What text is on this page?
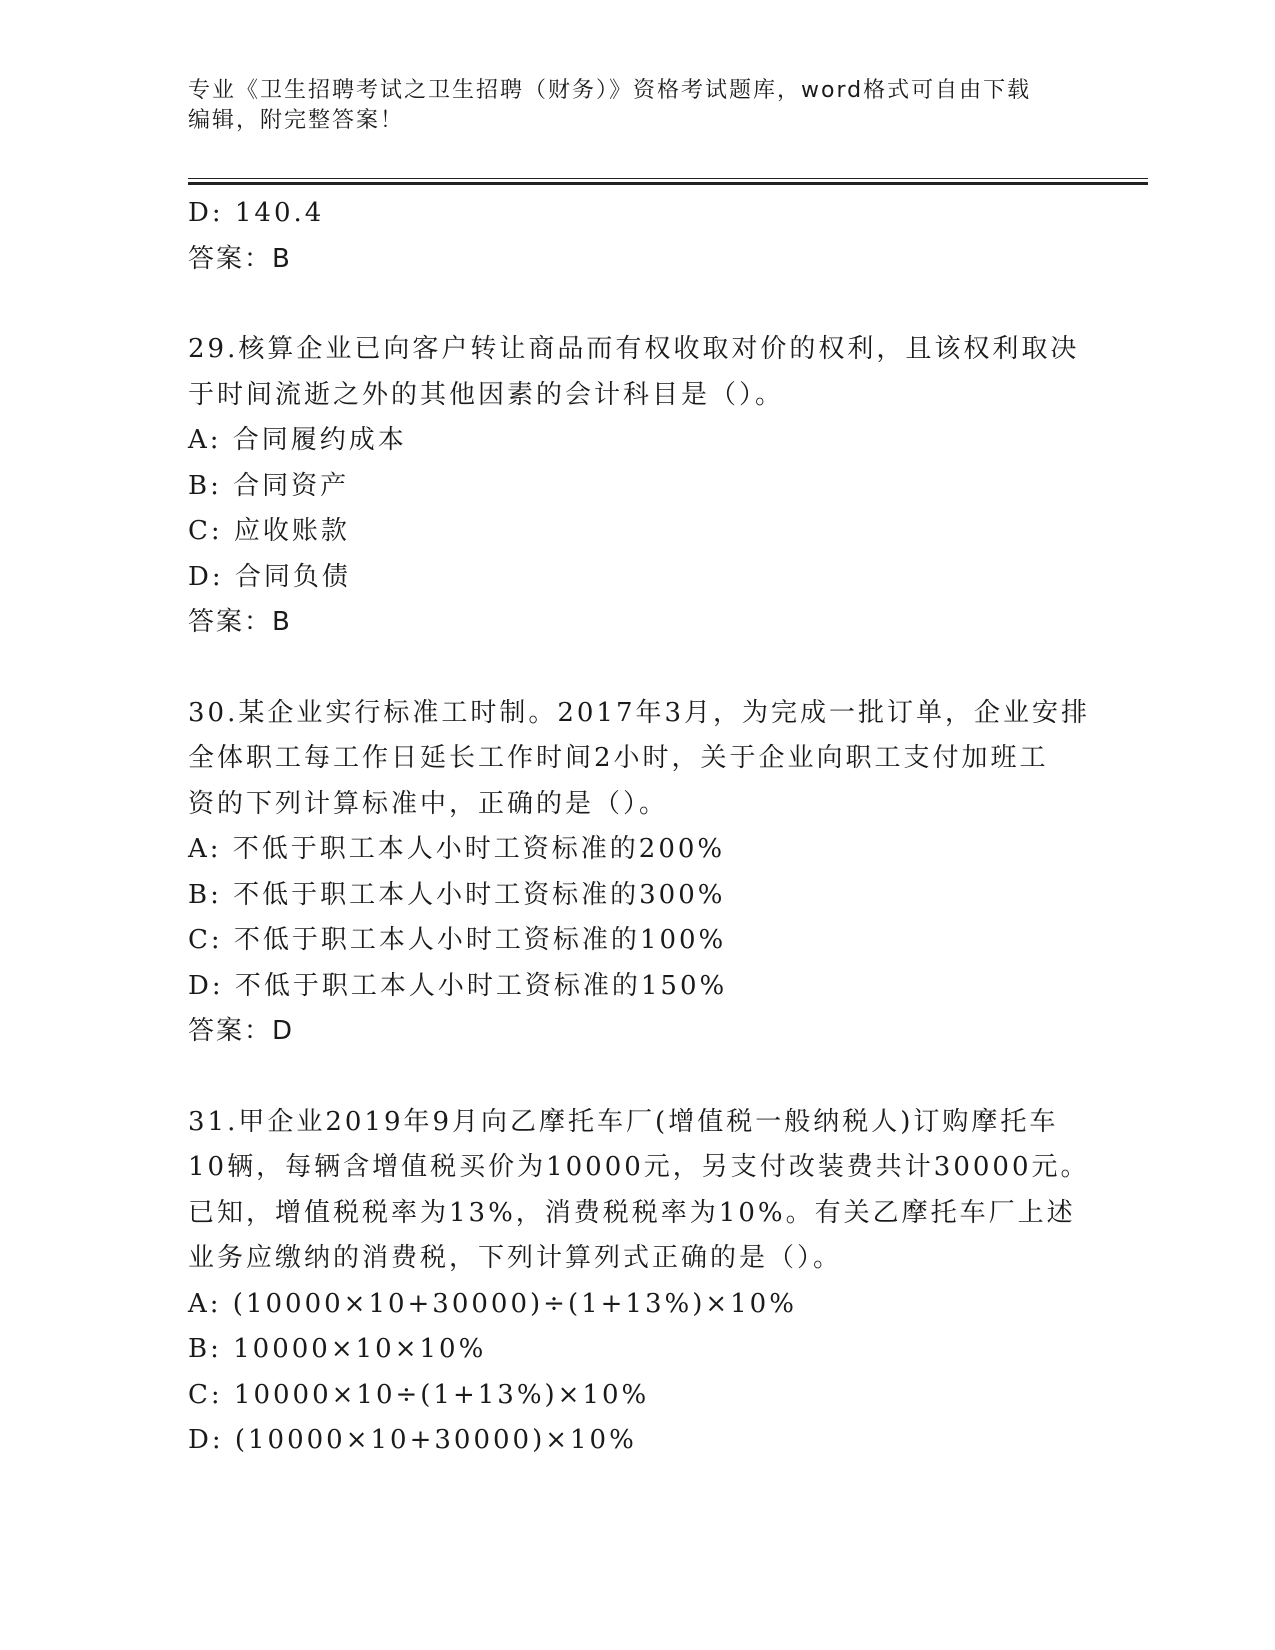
专业《卫生招聘考试之卫生招聘（财务）》资格考试题库，word格式可自由下载
编辑，附完整答案！
D: 140.4
答案：B
29.核算企业已向客户转让商品而有权收取对价的权利，且该权利取决
于时间流逝之外的其他因素的会计科目是（）。
A: 合同履约成本
B: 合同资产
C: 应收账款
D: 合同负债
答案：B
30.某企业实行标准工时制。2017年3月，为完成一批订单，企业安排
全体职工每工作日延长工作时间2小时，关于企业向职工支付加班工
资的下列计算标准中，正确的是（）。
A: 不低于职工本人小时工资标准的200%
B: 不低于职工本人小时工资标准的300%
C: 不低于职工本人小时工资标准的100%
D: 不低于职工本人小时工资标准的150%
答案：D
31.甲企业2019年9月向乙摩托车厂(增值税一般纳税人)订购摩托车
10辆，每辆含增值税买价为10000元，另支付改装费共计30000元。
已知，增值税税率为13%，消费税税率为10%。有关乙摩托车厂上述
业务应缴纳的消费税，下列计算列式正确的是（）。
A: (10000×10+30000)÷(1+13%)×10%
B: 10000×10×10%
C: 10000×10÷(1+13%)×10%
D: (10000×10+30000)×10%
